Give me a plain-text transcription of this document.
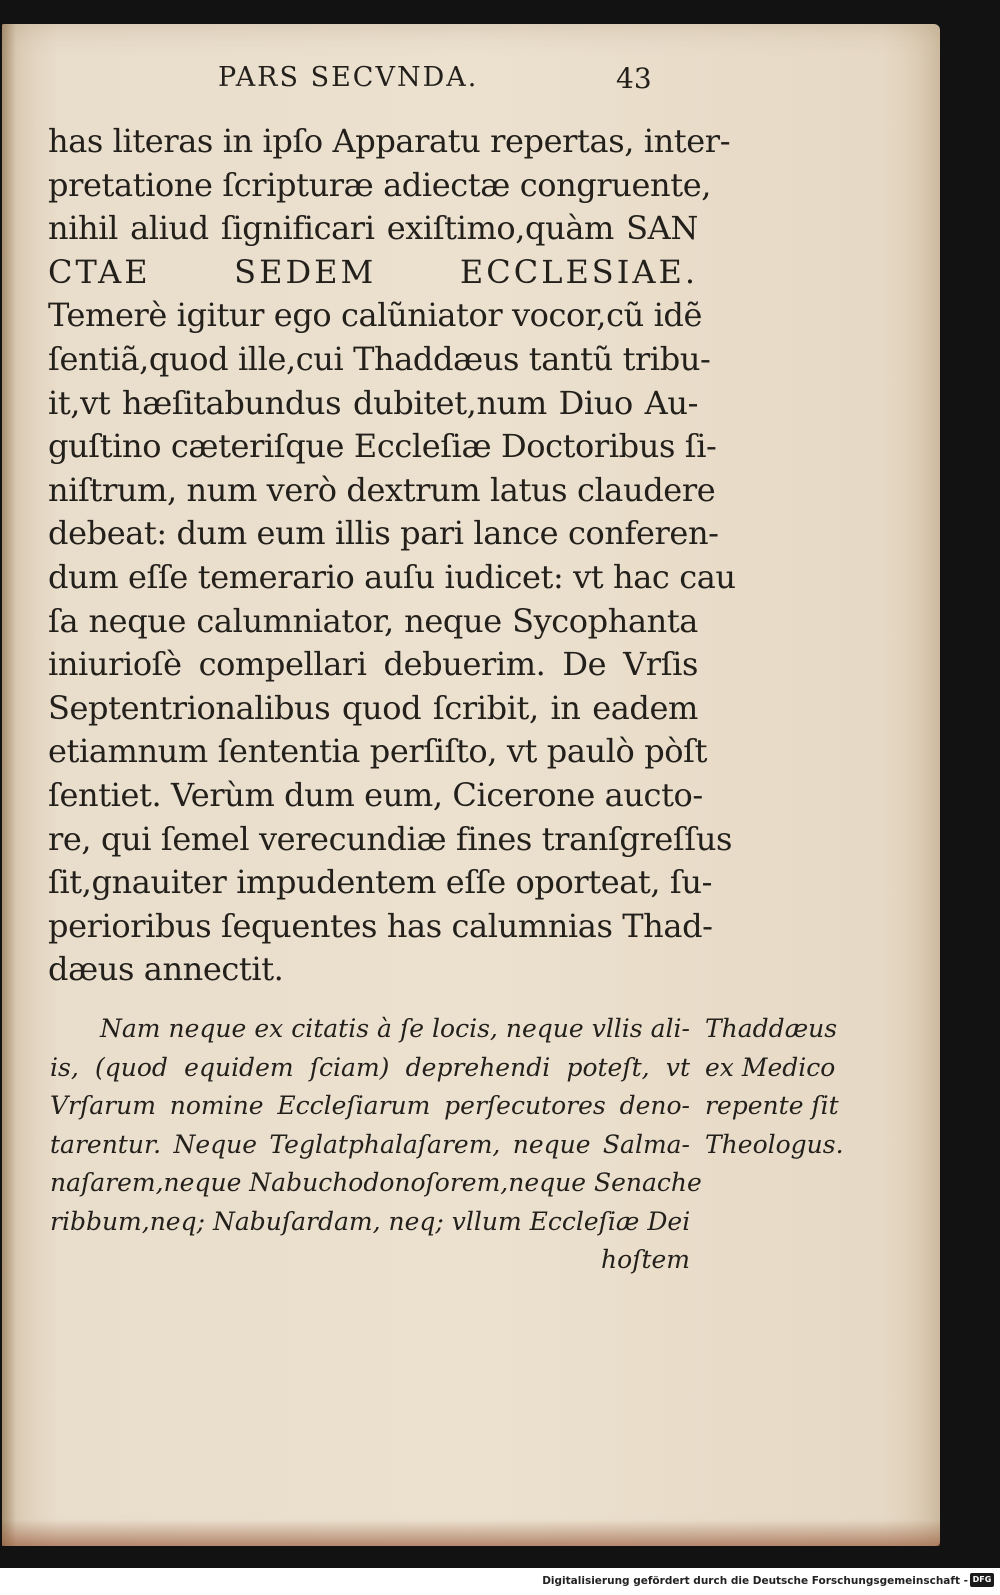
PARS SECVNDA.	43
has literas in ipſo Apparatu repertas, inter-
pretatione ſcripturæ adiectæ congruente,
nihil aliud ſignificari exiſtimo,quàm SAN
CTAE SEDEM ECCLESIAE.
Temerè igitur ego calũniator vocor,cũ idẽ
ſentiã,quod ille,cui Thaddæus tantũ tribu-
it,vt hæſitabundus dubitet,num Diuo Au-
guſtino cæteriſque Eccleſiæ Doctoribus ſi-
niſtrum, num verò dextrum latus claudere
debeat: dum eum illis pari lance conferen-
dum eſſe temerario auſu iudicet: vt hac cau
ſa neque calumniator, neque Sycophanta
iniurioſè compellari debuerim. De Vrſis
Septentrionalibus quod ſcribit, in eadem
etiamnum ſententia perſiſto, vt paulò pòſt
ſentiet. Verùm dum eum, Cicerone aucto-
re, qui ſemel verecundiæ fines tranſgreſſus
ſit,gnauiter impudentem eſſe oporteat, ſu-
perioribus ſequentes has calumnias Thad-
dæus annectit.
Nam neque ex citatis à ſe locis, neque vllis ali-
is, (quod equidem ſciam) deprehendi poteſt, vt
Vrſarum nomine Eccleſiarum perſecutores deno-
tarentur. Neque Teglatphalaſarem, neque Salma-
naſarem,neque Nabuchodonoſorem,neque Senache
ribbum,neq; Nabuſardam, neq; vllum Eccleſiæ Dei
hoſtem
Thaddæus
ex Medico
repente ſit
Theologus.
Digitalisierung gefördert durch die Deutsche Forschungsgemeinschaft - DFG
